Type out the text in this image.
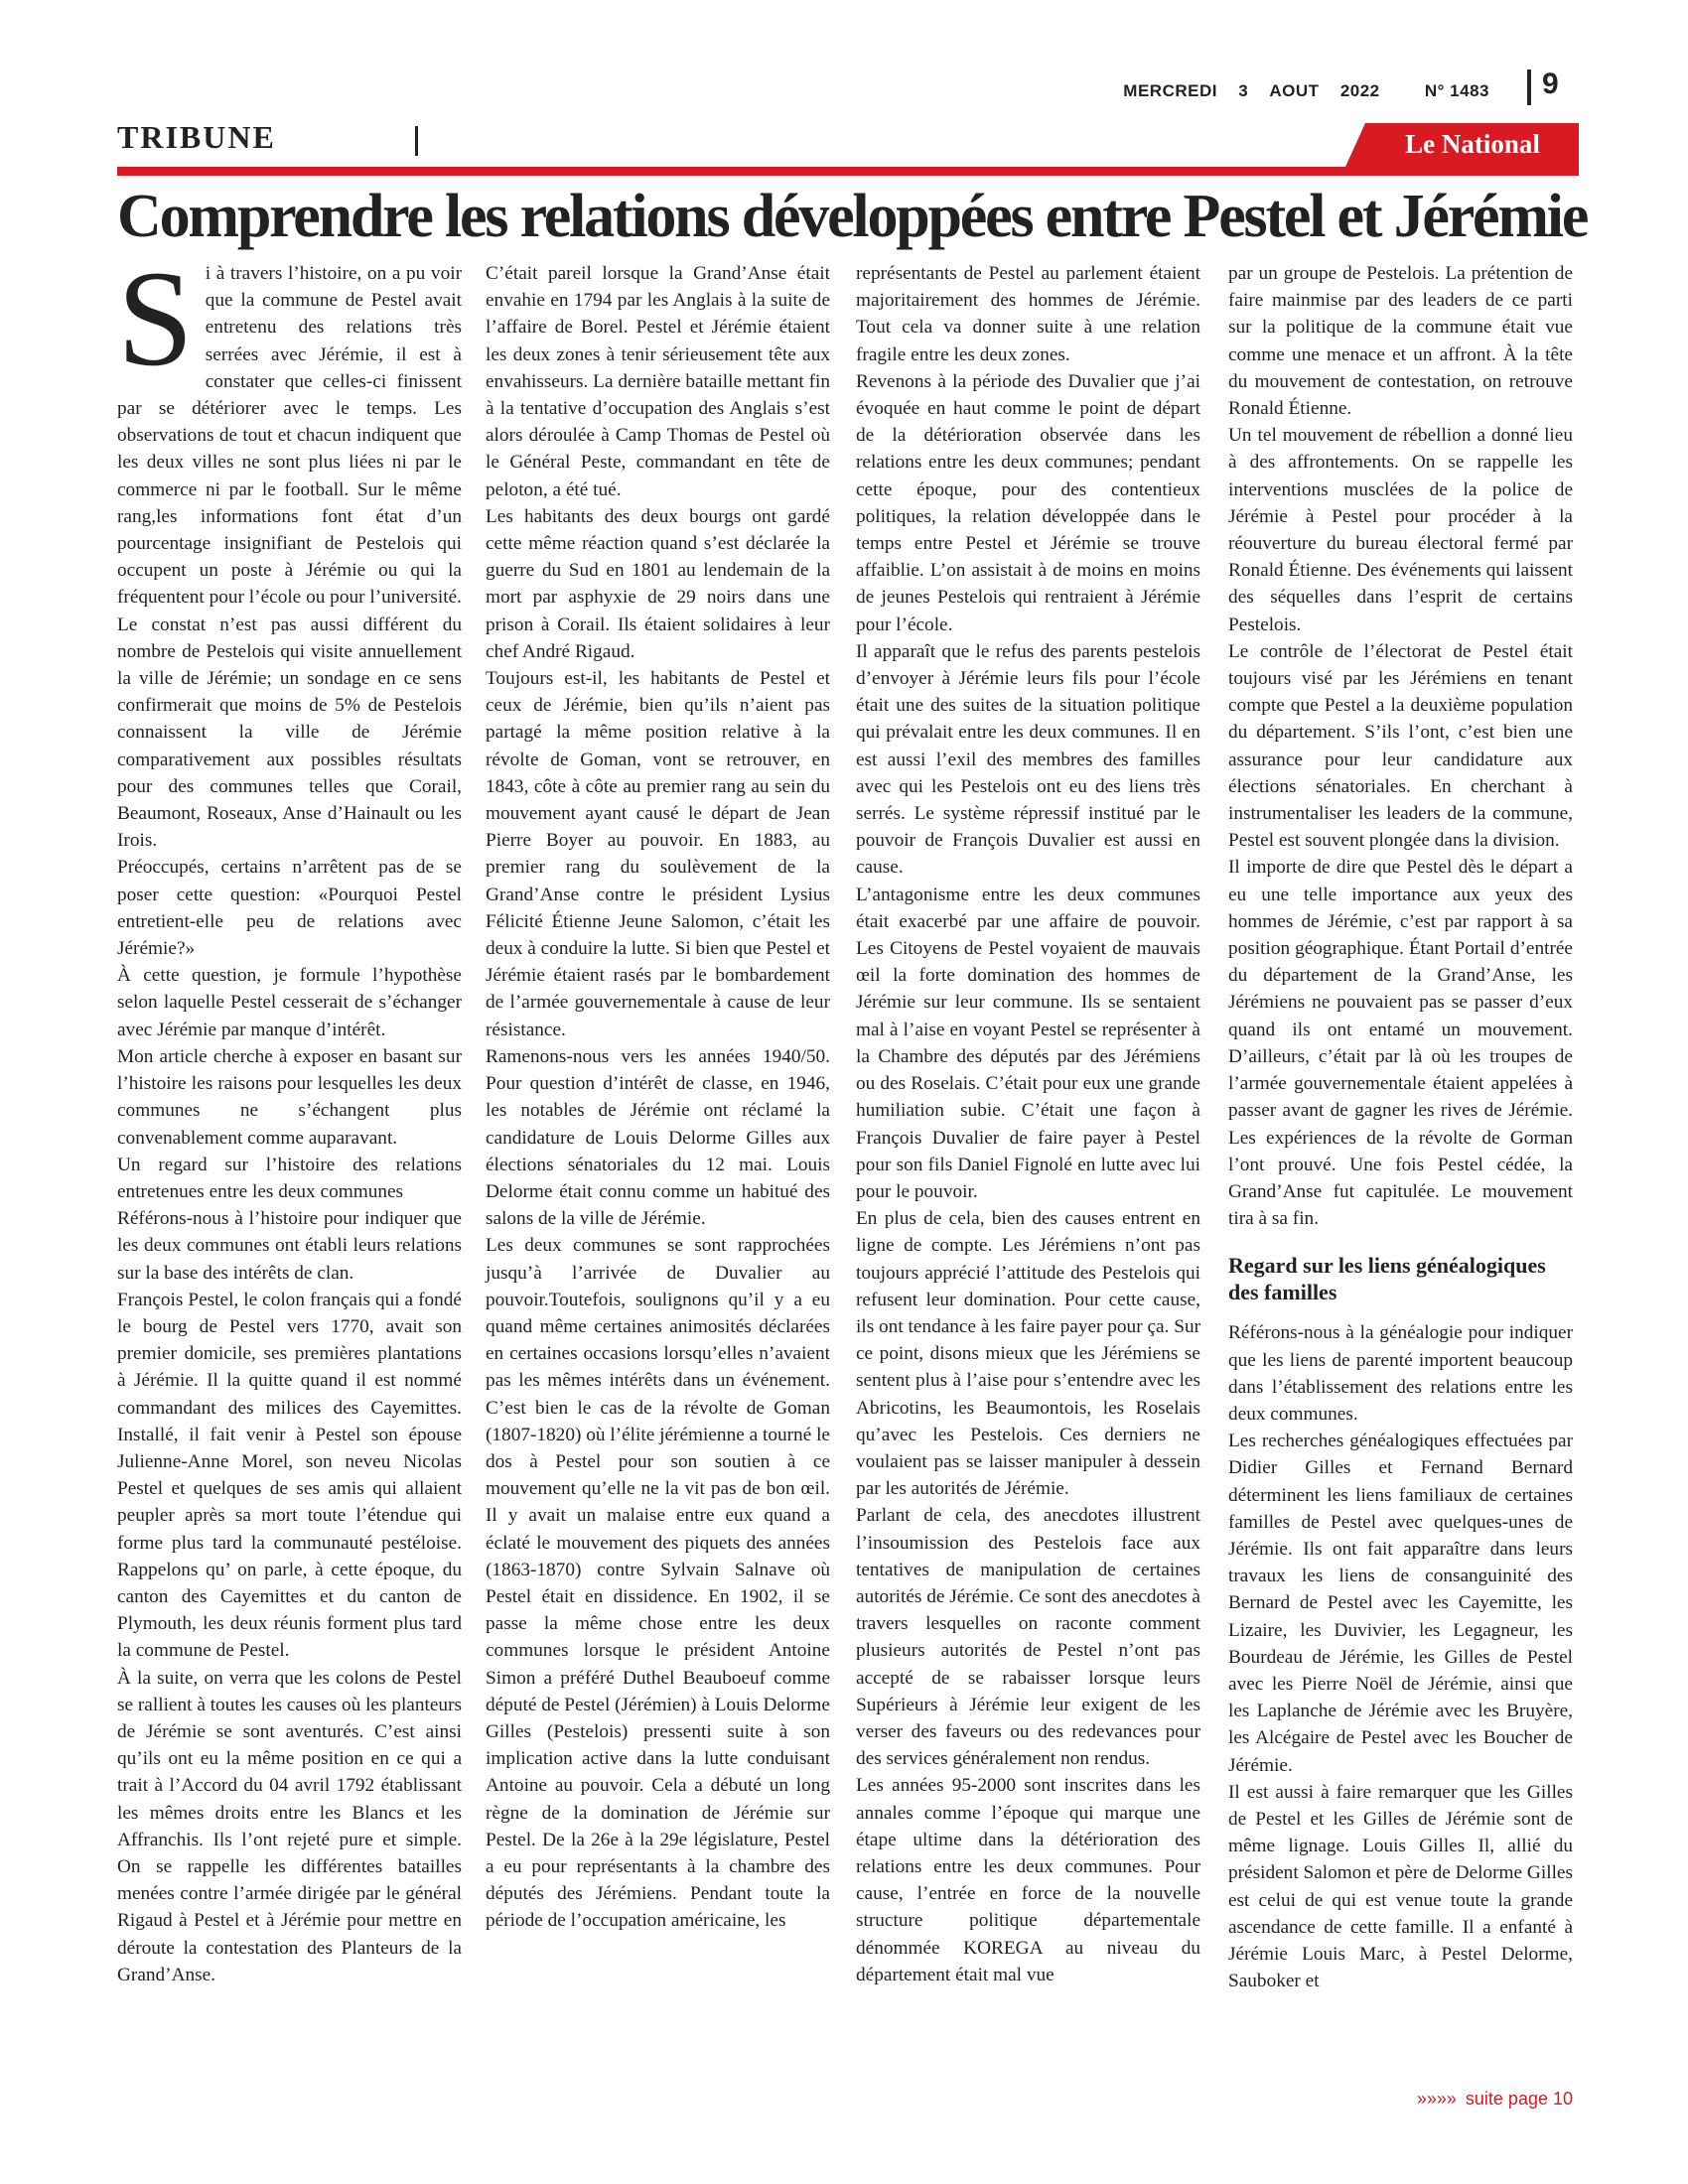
MERCREDI 3 AOUT 2022	N° 1483 9
TRIBUNE	Le National
Comprendre les relations développées entre Pestel et Jérémie
S i à travers l’histoire, on a pu voir que la commune de Pestel avait entretenu des relations très serrées avec Jérémie, il est à constater que celles-ci finissent par se détériorer avec le temps. Les observations de tout et chacun indiquent que les deux villes ne sont plus liées ni par le commerce ni par le football. Sur le même rang,les informations font état d’un pourcentage insignifiant de Pestelois qui occupent un poste à Jérémie ou qui la fréquentent pour l’école ou pour l’université. Le constat n’est pas aussi différent du nombre de Pestelois qui visite annuellement la ville de Jérémie; un sondage en ce sens confirmerait que moins de 5% de Pestelois connaissent la ville de Jérémie comparativement aux possibles résultats pour des communes telles que Corail, Beaumont, Roseaux, Anse d’Hainault ou les Irois.

Préoccupés, certains n’arrêtent pas de se poser cette question: «Pourquoi Pestel entretient-elle peu de relations avec Jérémie?»

À cette question, je formule l’hypothèse selon laquelle Pestel cesserait de s’échanger avec Jérémie par manque d’intérêt.

Mon article cherche à exposer en basant sur l’histoire les raisons pour lesquelles les deux communes ne s’échangent plus convenablement comme auparavant.

Un regard sur l’histoire des relations entretenues entre les deux communes

Référons-nous à l’histoire pour indiquer que les deux communes ont établi leurs relations sur la base des intérêts de clan.

François Pestel, le colon français qui a fondé le bourg de Pestel vers 1770, avait son premier domicile, ses premières plantations à Jérémie. Il la quitte quand il est nommé commandant des milices des Cayemittes. Installé, il fait venir à Pestel son épouse Julienne-Anne Morel, son neveu Nicolas Pestel et quelques de ses amis qui allaient peupler après sa mort toute l’étendue qui forme plus tard la communauté pestéloise. Rappelons qu’ on parle, à cette époque, du canton des Cayemittes et du canton de Plymouth, les deux réunis forment plus tard la commune de Pestel.

À la suite, on verra que les colons de Pestel se rallient à toutes les causes où les planteurs de Jérémie se sont aventurés. C’est ainsi qu’ils ont eu la même position en ce qui a trait à l’Accord du 04 avril 1792 établissant les mêmes droits entre les Blancs et les Affranchis. Ils l’ont rejeté pure et simple. On se rappelle les différentes batailles menées contre l’armée dirigée par le général Rigaud à Pestel et à Jérémie pour mettre en déroute la contestation des Planteurs de la Grand’Anse.

C’était pareil lorsque la Grand’Anse était envahie en 1794 par les Anglais à la suite de l’affaire de Borel. Pestel et Jérémie étaient les deux zones à tenir sérieusement tête aux envahisseurs. La dernière bataille mettant fin à la tentative d’occupation des Anglais s’est alors déroulée à Camp Thomas de Pestel où le Général Peste, commandant en tête de peloton, a été tué.

Les habitants des deux bourgs ont gardé cette même réaction quand s’est déclarée la guerre du Sud en 1801 au lendemain de la mort par asphyxie de 29 noirs dans une prison à Corail. Ils étaient solidaires à leur chef André Rigaud.

Toujours est-il, les habitants de Pestel et ceux de Jérémie, bien qu’ils n’aient pas partagé la même position relative à la révolte de Goman, vont se retrouver, en 1843, côte à côte au premier rang au sein du mouvement ayant causé le départ de Jean Pierre Boyer au pouvoir. En 1883, au premier rang du soulèvement de la Grand’Anse contre le président Lysius Félicité Étienne Jeune Salomon, c’était les deux à conduire la lutte. Si bien que Pestel et Jérémie étaient rasés par le bombardement de l’armée gouvernementale à cause de leur résistance.

Ramenons-nous vers les années 1940/50. Pour question d’intérêt de classe, en 1946, les notables de Jérémie ont réclamé la candidature de Louis Delorme Gilles aux élections sénatoriales du 12 mai. Louis Delorme était connu comme un habitué des salons de la ville de Jérémie.

Les deux communes se sont rapprochées jusqu’à l’arrivée de Duvalier au pouvoir.Toutefois, soulignons qu’il y a eu quand même certaines animosités déclarées en certaines occasions lorsqu’elles n’avaient pas les mêmes intérêts dans un événement. C’est bien le cas de la révolte de Goman (1807-1820) où l’élite jérémienne a tourné le dos à Pestel pour son soutien à ce mouvement qu’elle ne la vit pas de bon œil. Il y avait un malaise entre eux quand a éclaté le mouvement des piquets des années (1863-1870) contre Sylvain Salnave où Pestel était en dissidence. En 1902, il se passe la même chose entre les deux communes lorsque le président Antoine Simon a préféré Duthel Beauboeuf comme député de Pestel (Jérémien) à Louis Delorme Gilles (Pestelois) pressenti suite à son implication active dans la lutte conduisant Antoine au pouvoir. Cela a débuté un long règne de la domination de Jérémie sur Pestel. De la 26e à la 29e législature, Pestel a eu pour représentants à la chambre des députés des Jérémiens. Pendant toute la période de l’occupation américaine, les

représentants de Pestel au parlement étaient majoritairement des hommes de Jérémie. Tout cela va donner suite à une relation fragile entre les deux zones.

Revenons à la période des Duvalier que j’ai évoquée en haut comme le point de départ de la détérioration observée dans les relations entre les deux communes; pendant cette époque, pour des contentieux politiques, la relation développée dans le temps entre Pestel et Jérémie se trouve affaiblie. L’on assistait à de moins en moins de jeunes Pestelois qui rentraient à Jérémie pour l’école.

Il apparaît que le refus des parents pestelois d’envoyer à Jérémie leurs fils pour l’école était une des suites de la situation politique qui prévalait entre les deux communes. Il en est aussi l’exil des membres des familles avec qui les Pestelois ont eu des liens très serrés. Le système répressif institué par le pouvoir de François Duvalier est aussi en cause.

L’antagonisme entre les deux communes était exacerbé par une affaire de pouvoir. Les Citoyens de Pestel voyaient de mauvais œil la forte domination des hommes de Jérémie sur leur commune. Ils se sentaient mal à l’aise en voyant Pestel se représenter à la Chambre des députés par des Jérémiens ou des Roselais. C’était pour eux une grande humiliation subie. C’était une façon à François Duvalier de faire payer à Pestel pour son fils Daniel Fignolé en lutte avec lui pour le pouvoir.

En plus de cela, bien des causes entrent en ligne de compte. Les Jérémiens n’ont pas toujours apprécié l’attitude des Pestelois qui refusent leur domination. Pour cette cause, ils ont tendance à les faire payer pour ça. Sur ce point, disons mieux que les Jérémiens se sentent plus à l’aise pour s’entendre avec les Abricotins, les Beaumontois, les Roselais qu’avec les Pestelois. Ces derniers ne voulaient pas se laisser manipuler à dessein par les autorités de Jérémie.

Parlant de cela, des anecdotes illustrent l’insoumission des Pestelois face aux tentatives de manipulation de certaines autorités de Jérémie. Ce sont des anecdotes à travers lesquelles on raconte comment plusieurs autorités de Pestel n’ont pas accepté de se rabaisser lorsque leurs Supérieurs à Jérémie leur exigent de les verser des faveurs ou des redevances pour des services généralement non rendus.

Les années 95-2000 sont inscrites dans les annales comme l’époque qui marque une étape ultime dans la détérioration des relations entre les deux communes. Pour cause, l’entrée en force de la nouvelle structure politique départementale dénommée KOREGA au niveau du département était mal vue

par un groupe de Pestelois. La prétention de faire mainmise par des leaders de ce parti sur la politique de la commune était vue comme une menace et un affront. À la tête du mouvement de contestation, on retrouve Ronald Étienne.

Un tel mouvement de rébellion a donné lieu à des affrontements. On se rappelle les interventions musclées de la police de Jérémie à Pestel pour procéder à la réouverture du bureau électoral fermé par Ronald Étienne. Des événements qui laissent des séquelles dans l’esprit de certains Pestelois.

Le contrôle de l’électorat de Pestel était toujours visé par les Jérémiens en tenant compte que Pestel a la deuxième population du département. S’ils l’ont, c’est bien une assurance pour leur candidature aux élections sénatoriales. En cherchant à instrumentaliser les leaders de la commune, Pestel est souvent plongée dans la division.

Il importe de dire que Pestel dès le départ a eu une telle importance aux yeux des hommes de Jérémie, c’est par rapport à sa position géographique. Étant Portail d’entrée du département de la Grand’Anse, les Jérémiens ne pouvaient pas se passer d’eux quand ils ont entamé un mouvement. D’ailleurs, c’était par là où les troupes de l’armée gouvernementale étaient appelées à passer avant de gagner les rives de Jérémie. Les expériences de la révolte de Gorman l’ont prouvé. Une fois Pestel cédée, la Grand’Anse fut capitulée. Le mouvement tira à sa fin.

Regard sur les liens généalogiques des familles

Référons-nous à la généalogie pour indiquer que les liens de parenté importent beaucoup dans l’établissement des relations entre les deux communes.

Les recherches généalogiques effectuées par Didier Gilles et Fernand Bernard déterminent les liens familiaux de certaines familles de Pestel avec quelques-unes de Jérémie. Ils ont fait apparaître dans leurs travaux les liens de consanguinité des Bernard de Pestel avec les Cayemitte, les Lizaire, les Duvivier, les Legagneur, les Bourdeau de Jérémie, les Gilles de Pestel avec les Pierre Noël de Jérémie, ainsi que les Laplanche de Jérémie avec les Bruyère, les Alcégaire de Pestel avec les Boucher de Jérémie.

Il est aussi à faire remarquer que les Gilles de Pestel et les Gilles de Jérémie sont de même lignage. Louis Gilles Il, allié du président Salomon et père de Delorme Gilles est celui de qui est venue toute la grande ascendance de cette famille. Il a enfanté à Jérémie Louis Marc, à Pestel Delorme, Sauboker et

»»»» suite page 10
